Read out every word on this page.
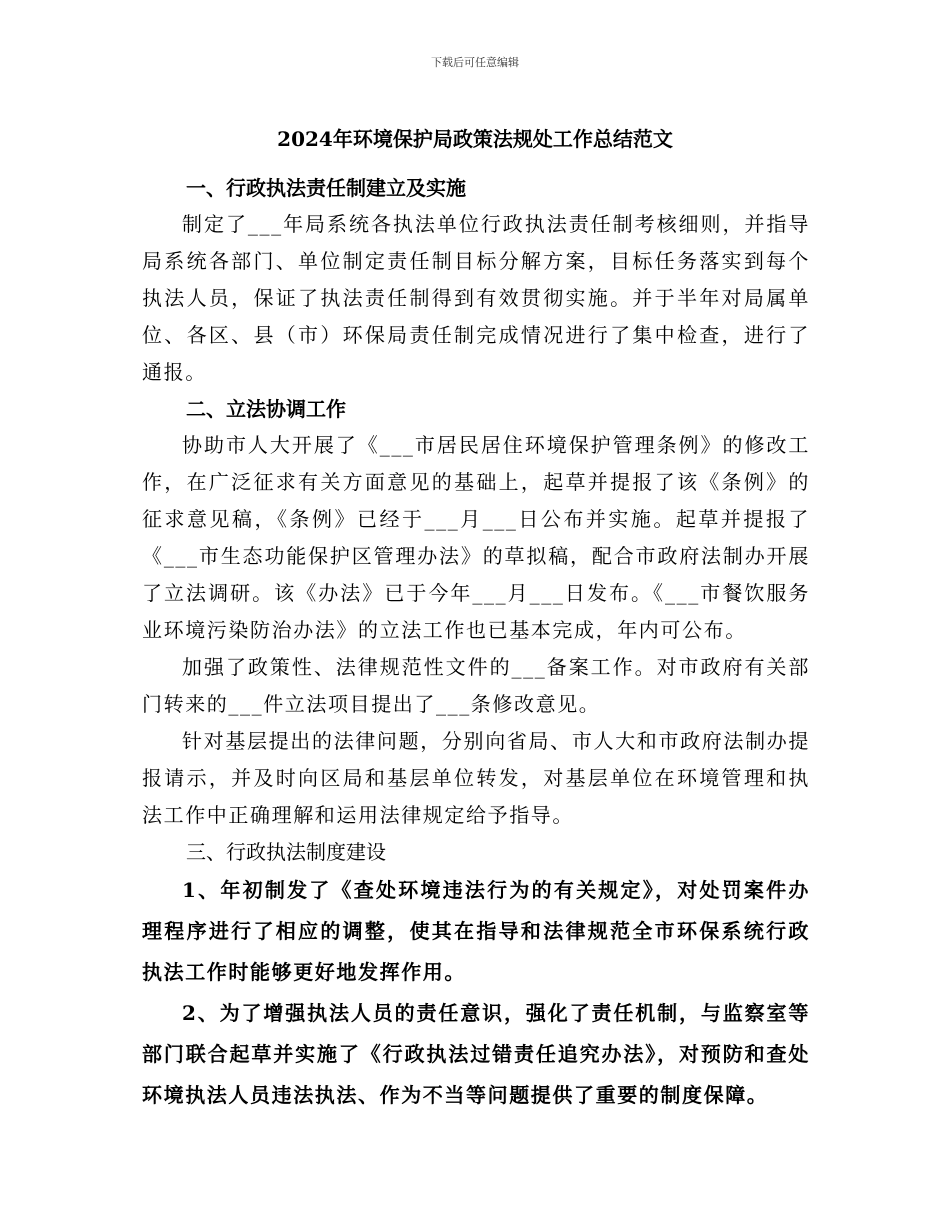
下载后可任意编辑
2024年环境保护局政策法规处工作总结范文
一、行政执法责任制建立及实施

制定了___年局系统各执法单位行政执法责任制考核细则，并指导局系统各部门、单位制定责任制目标分解方案，目标任务落实到每个执法人员，保证了执法责任制得到有效贯彻实施。并于半年对局属单位、各区、县（市）环保局责任制完成情况进行了集中检查，进行了通报。

二、立法协调工作

协助市人大开展了《___市居民居住环境保护管理条例》的修改工作，在广泛征求有关方面意见的基础上，起草并提报了该《条例》的征求意见稿，《条例》已经于___月___日公布并实施。起草并提报了《___市生态功能保护区管理办法》的草拟稿，配合市政府法制办开展了立法调研。该《办法》已于今年___月___日发布。《___市餐饮服务业环境污染防治办法》的立法工作也已基本完成，年内可公布。

加强了政策性、法律规范性文件的___备案工作。对市政府有关部门转来的___件立法项目提出了___条修改意见。

针对基层提出的法律问题，分别向省局、市人大和市政府法制办提报请示，并及时向区局和基层单位转发，对基层单位在环境管理和执法工作中正确理解和运用法律规定给予指导。

三、行政执法制度建设

1、年初制发了《查处环境违法行为的有关规定》，对处罚案件办理程序进行了相应的调整，使其在指导和法律规范全市环保系统行政执法工作时能够更好地发挥作用。

2、为了增强执法人员的责任意识，强化了责任机制，与监察室等部门联合起草并实施了《行政执法过错责任追究办法》，对预防和查处环境执法人员违法执法、作为不当等问题提供了重要的制度保障。
